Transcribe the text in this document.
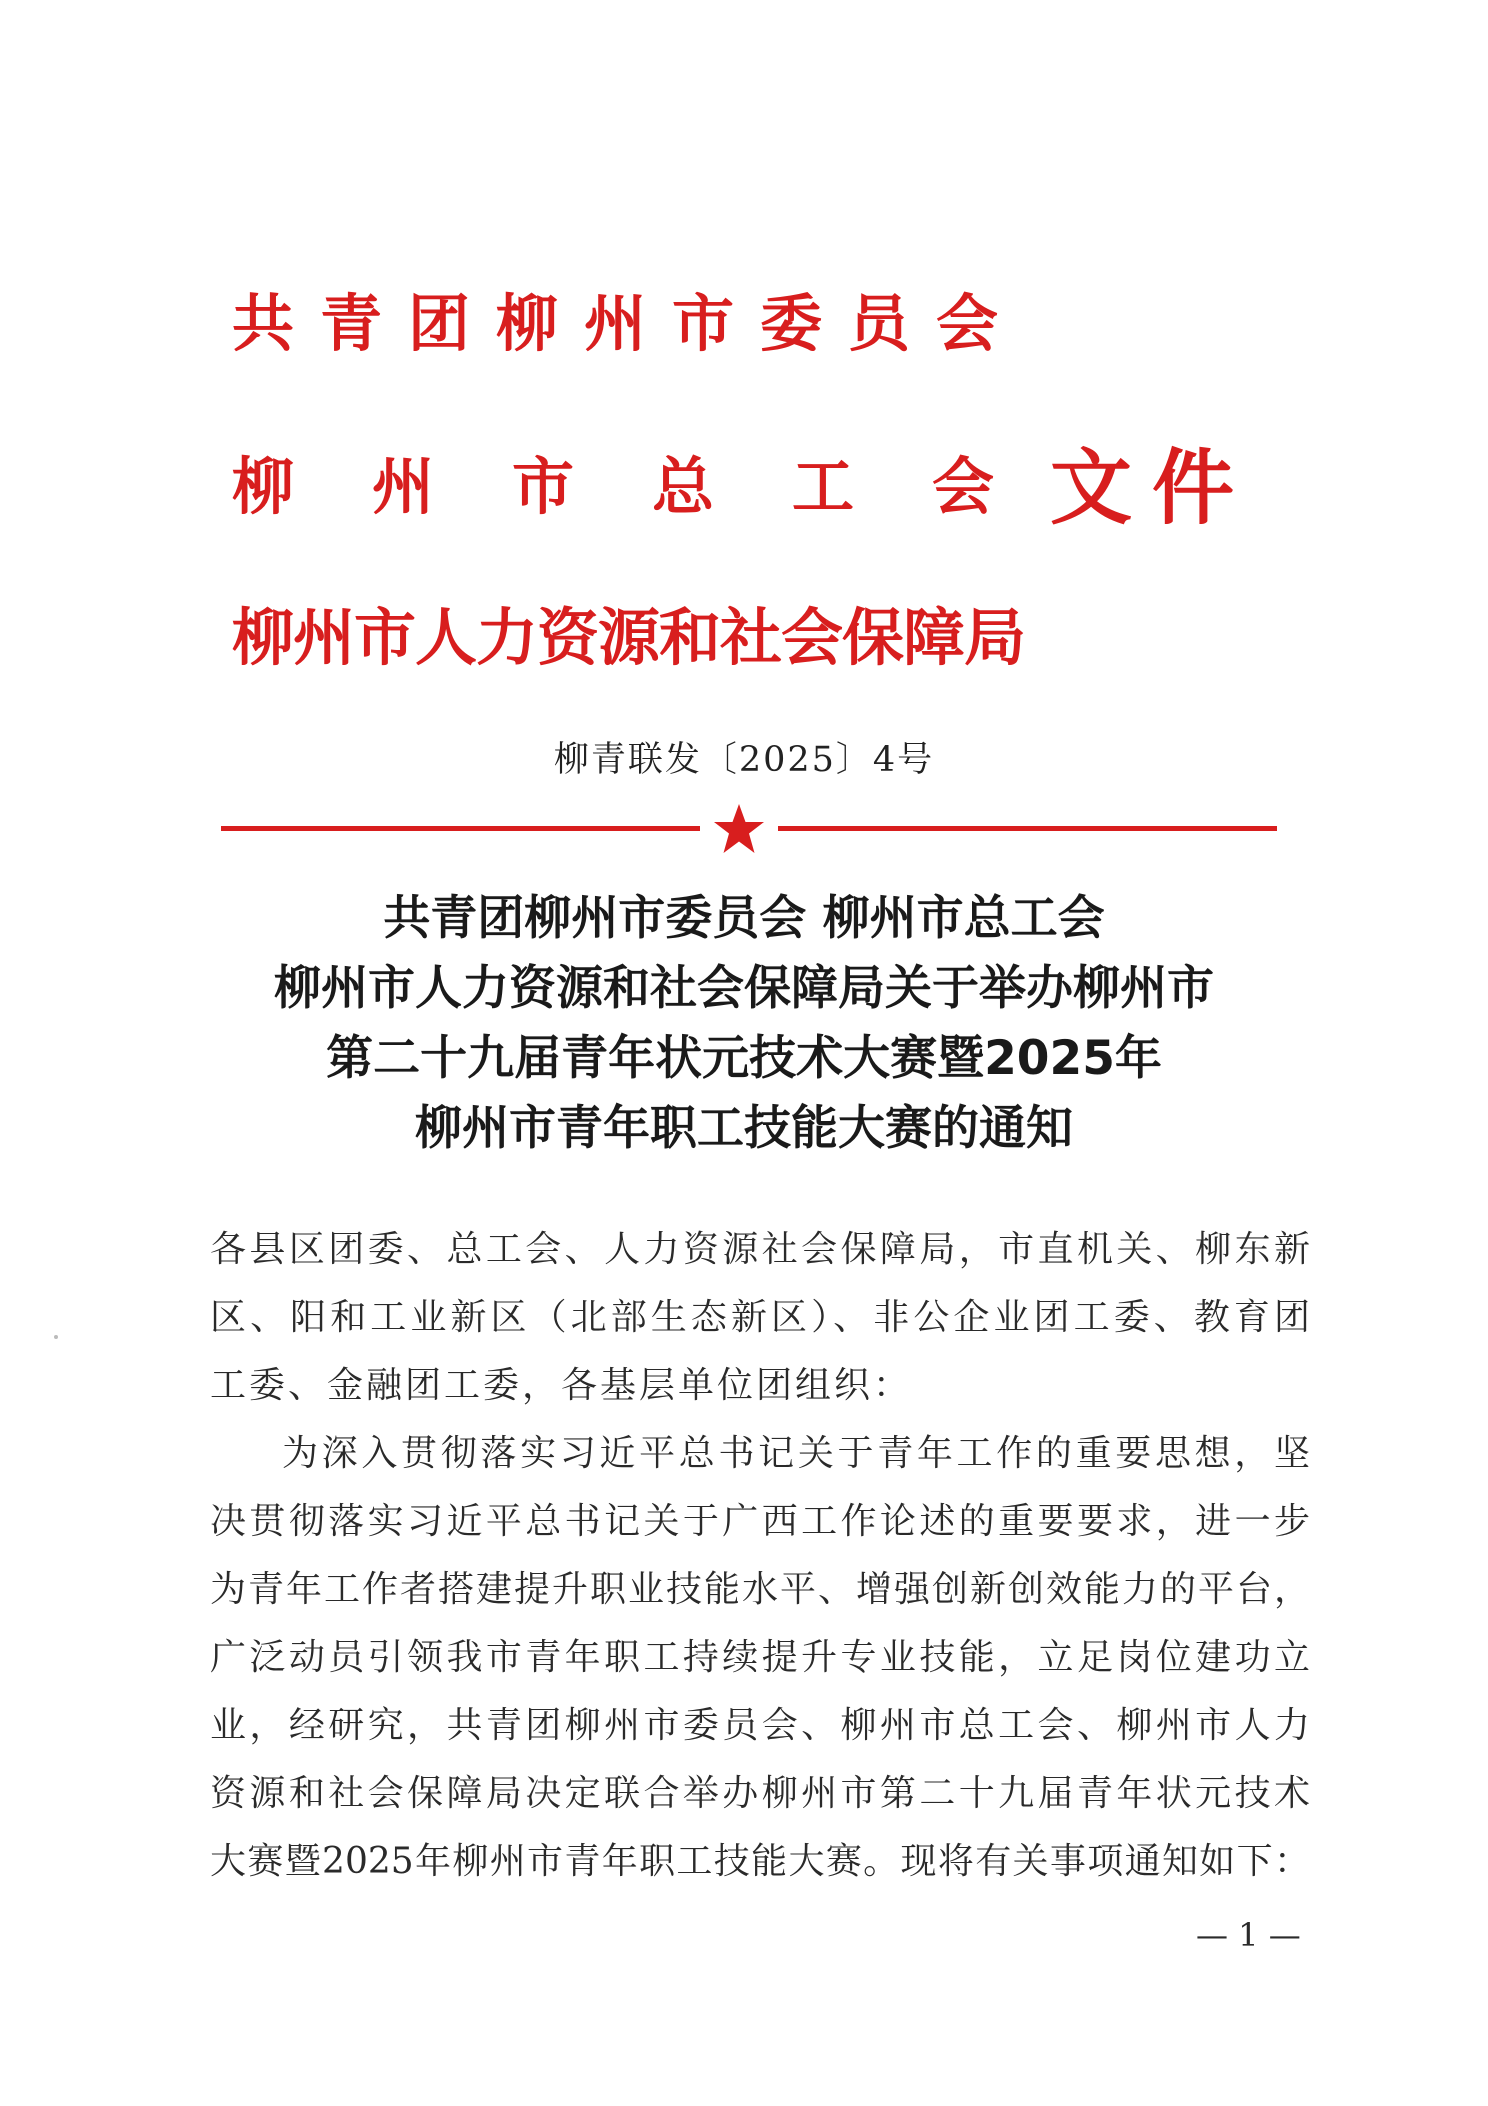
共青团柳州市委员会
柳州市总工会
文件
柳州市人力资源和社会保障局
柳青联发〔2025〕4号
共青团柳州市委员会 柳州市总工会
柳州市人力资源和社会保障局关于举办柳州市
第二十九届青年状元技术大赛暨2025年
柳州市青年职工技能大赛的通知
各县区团委、总工会、人力资源社会保障局，市直机关、柳东新
区、阳和工业新区（北部生态新区）、非公企业团工委、教育团
工委、金融团工委，各基层单位团组织：
为深入贯彻落实习近平总书记关于青年工作的重要思想，坚
决贯彻落实习近平总书记关于广西工作论述的重要要求，进一步
为青年工作者搭建提升职业技能水平、增强创新创效能力的平台，
广泛动员引领我市青年职工持续提升专业技能，立足岗位建功立
业，经研究，共青团柳州市委员会、柳州市总工会、柳州市人力
资源和社会保障局决定联合举办柳州市第二十九届青年状元技术
大赛暨2025年柳州市青年职工技能大赛。现将有关事项通知如下：
— 1 —
